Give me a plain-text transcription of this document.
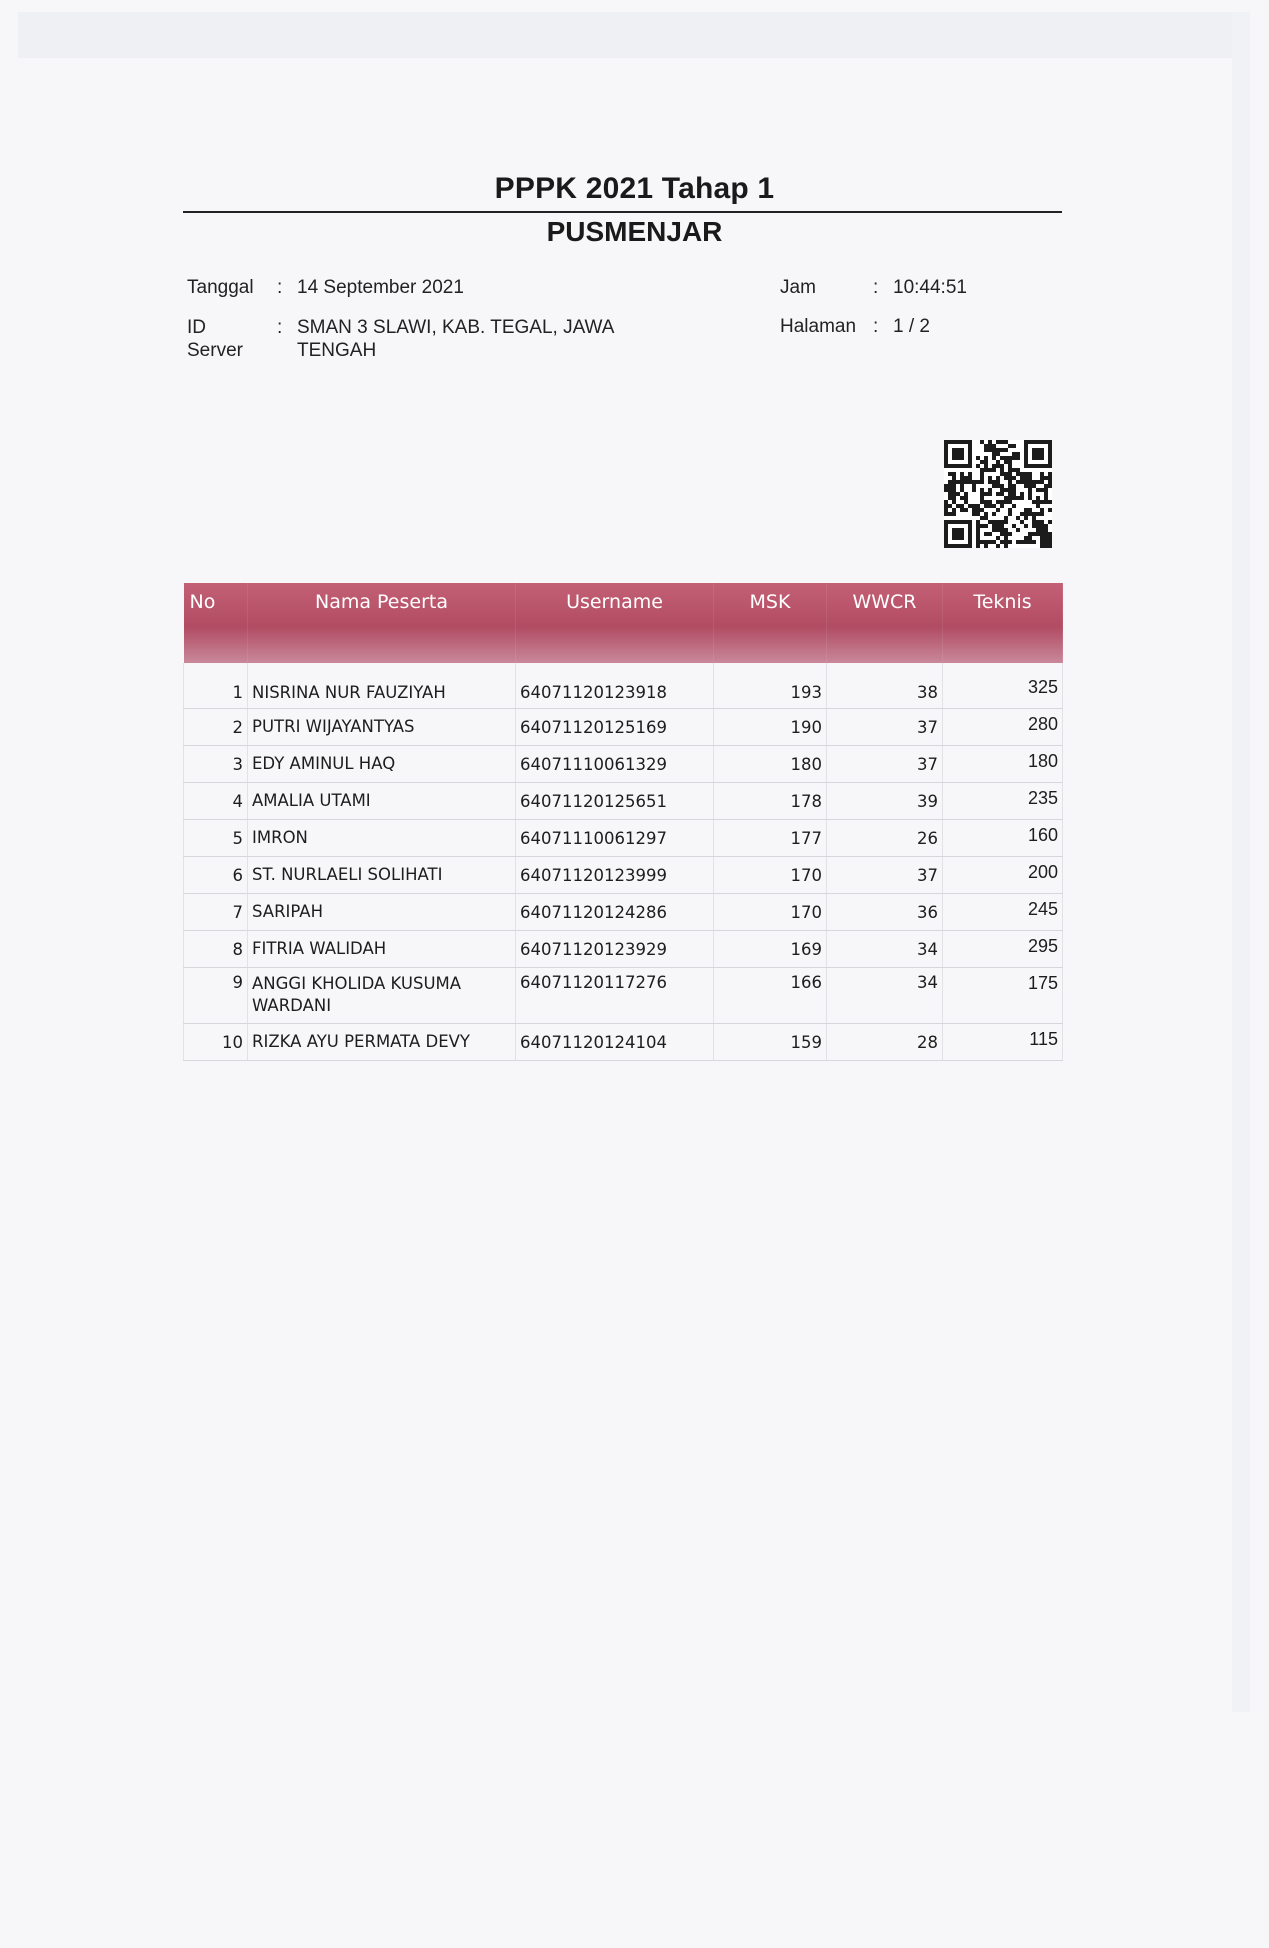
PPPK 2021 Tahap 1
PUSMENJAR
Tanggal : 14 September 2021
ID
Server
: SMAN 3 SLAWI, KAB. TEGAL, JAWA
TENGAH
Jam	: 10:44:51
Halaman : 1 / 2
No	Nama Peserta	Username	MSK	WWCR	Teknis
1	NISRINA NUR FAUZIYAH	64071120123918	193	38	325
2	PUTRI WIJAYANTYAS	64071120125169	190	37	280
3	EDY AMINUL HAQ	64071110061329	180	37	180
4	AMALIA UTAMI	64071120125651	178	39	235
5	IMRON	64071110061297	177	26	160
6	ST. NURLAELI SOLIHATI	64071120123999	170	37	200
7	SARIPAH	64071120124286	170	36	245
8	FITRIA WALIDAH	64071120123929	169	34	295
9	ANGGI KHOLIDA KUSUMA WARDANI	64071120117276	166	34	175
10	RIZKA AYU PERMATA DEVY	64071120124104	159	28	115
